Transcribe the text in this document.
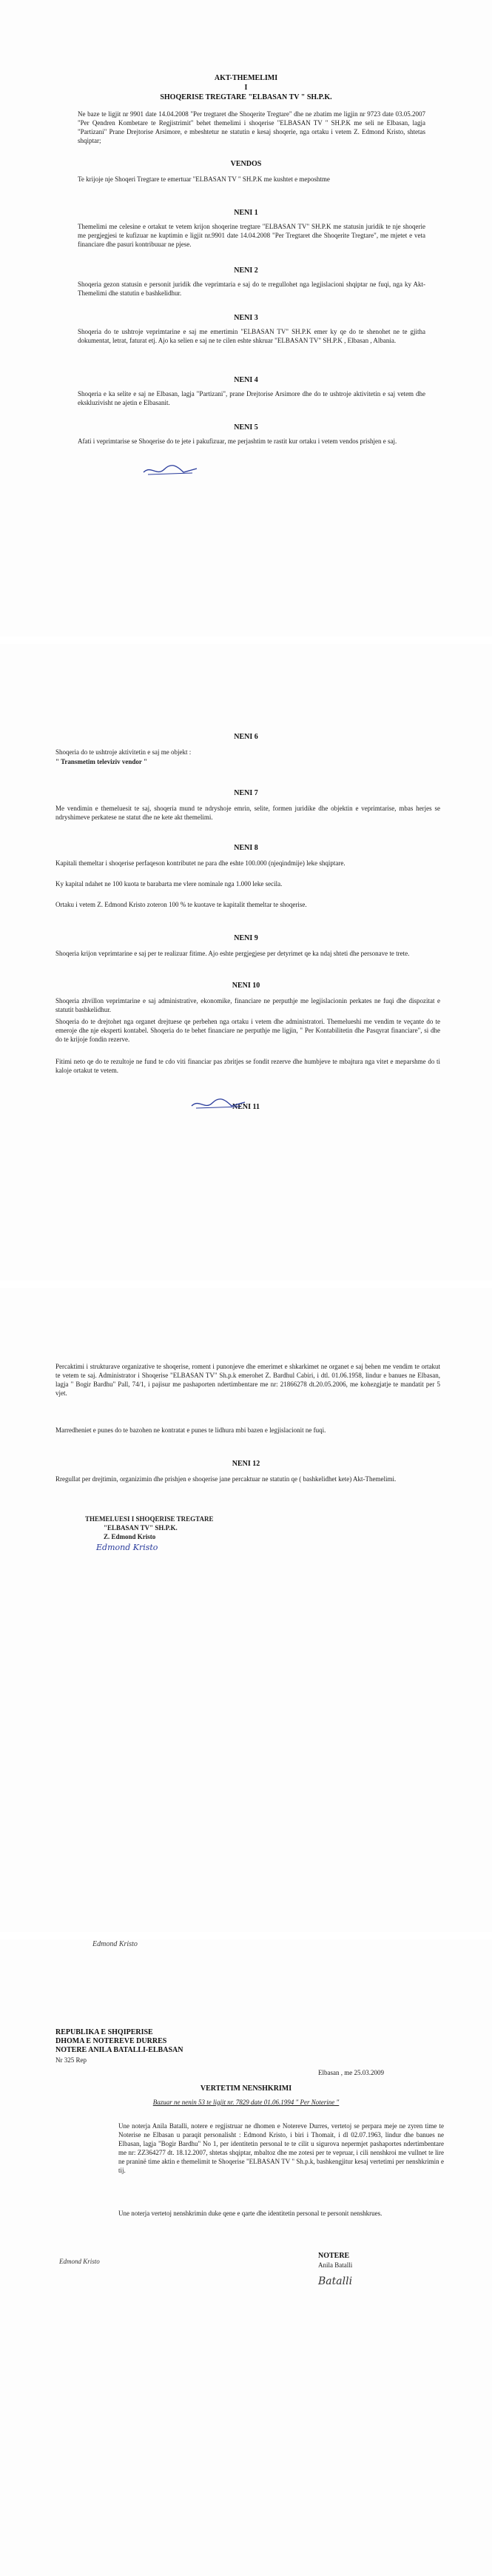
AKT-THEMELIMI
I
SHOQERISE TREGTARE "ELBASAN TV " SH.P.K.
Ne baze te ligjit nr 9901 date 14.04.2008 "Per tregtaret dhe Shoqerite Tregtare" dhe ne zbatim me ligjin nr 9723 date 03.05.2007 "Per Qendren Kombetare te Regjistrimit" behet themelimi i shoqerise "ELBASAN TV " SH.P.K me seli ne Elbasan, lagja "Partizani" Prane Drejtorise Arsimore, e mbeshtetur ne statutin e kesaj shoqerie, nga ortaku i vetem Z. Edmond Kristo, shtetas shqiptar;
VENDOS
Te krijoje nje Shoqeri Tregtare te emertuar "ELBASAN TV " SH.P.K me kushtet e meposhtme
NENI 1
Themelimi me celesine e ortakut te vetem krijon shoqerine tregtare "ELBASAN TV" SH.P.K me statusin juridik te nje shoqerie me pergjegjesi te kufizuar ne kuptimin e ligjit nr.9901 date 14.04.2008 "Per Tregtaret dhe Shoqerite Tregtare", me mjetet e veta financiare dhe pasuri kontribuuar ne pjese.
NENI 2
Shoqeria gezon statusin e personit juridik dhe veprimtaria e saj do te rregullohet nga legjislacioni shqiptar ne fuqi, nga ky Akt-Themelimi dhe statutin e bashkelidhur.
NENI 3
Shoqeria do te ushtroje veprimtarine e saj me emertimin "ELBASAN TV" SH.P.K emer ky qe do te shenohet ne te gjitha dokumentat, letrat, faturat etj. Ajo ka selien e saj ne te cilen eshte shkruar "ELBASAN TV" SH.P.K , Elbasan , Albania.
NENI 4
Shoqeria e ka selite e saj ne Elbasan, lagja "Partizani", prane Drejtorise Arsimore dhe do te ushtroje aktivitetin e saj vetem dhe ekskluzivisht ne ajetin e Elbasanit.
NENI 5
Afati i veprimtarise se Shoqerise do te jete i pakufizuar, me perjashtim te rastit kur ortaku i vetem vendos prishjen e saj.
NENI 6
Shoqeria do te ushtroje aktivitetin e saj me objekt :
" Transmetim televiziv vendor "
NENI 7
Me vendimin e themeluesit te saj, shoqeria mund te ndryshoje emrin, selite, formen juridike dhe objektin e veprimtarise, mbas herjes se ndryshimeve perkatese ne statut dhe ne kete akt themelimi.
NENI 8
Kapitali themeltar i shoqerise perfaqeson kontributet ne para dhe eshte 100.000 (njeqindmije) leke shqiptare.
Ky kapital ndahet ne 100 kuota te barabarta me vlere nominale nga 1.000 leke secila.
Ortaku i vetem Z. Edmond Kristo zoteron 100 % te kuotave te kapitalit themeltar te shoqerise.
NENI 9
Shoqeria krijon veprimtarine e saj per te realizuar fitime. Ajo eshte pergjegjese per detyrimet qe ka ndaj shteti dhe personave te trete.
NENI 10
Shoqeria zhvillon veprimtarine e saj administrative, ekonomike, financiare ne perputhje me legjislacionin perkates ne fuqi dhe dispozitat e statutit bashkelidhur.
Shoqeria do te drejtohet nga organet drejtuese qe perbehen nga ortaku i vetem dhe administratori. Themelueshi me vendim te veçante do te emeroje dhe nje eksperti kontabel. Shoqeria do te behet financiare ne perputhje me ligjin, " Per Kontabilitetin dhe Pasqyrat financiare", si dhe do te krijoje fondin rezerve.
Fitimi neto qe do te rezultoje ne fund te cdo viti financiar pas zbritjes se fondit rezerve dhe humbjeve te mbajtura nga vitet e meparshme do ti kaloje ortakut te vetem.
NENI 11
Percaktimi i strukturave organizative te shoqerise, roment i punonjeve dhe emerimet e shkarkimet ne organet e saj behen me vendim te ortakut te vetem te saj. Administrator i Shoqerise "ELBASAN TV" Sh.p.k emerohet Z. Bardhul Cabiri, i dtl. 01.06.1958, lindur e banues ne Elbasan, lagja " Bogir Bardhu" Pall, 74/1, i pajisur me pashaporten ndertimbentare me nr: 21866278 dt.20.05.2006, me kohezgjatje te mandatit per 5 vjet.
Marredheniet e punes do te bazohen ne kontratat e punes te lidhura mbi bazen e legjislacionit ne fuqi.
NENI 12
Rregullat per drejtimin, organizimin dhe prishjen e shoqerise jane percaktuar ne statutin qe ( bashkelidhet kete) Akt-Themelimi.
THEMELUESI I SHOQERISE TREGTARE
"ELBASAN TV" SH.P.K.
Z. Edmond Kristo
Edmond Kristo
Edmond Kristo
REPUBLIKA E SHQIPERISE
DHOMA E NOTEREVE DURRES
NOTERE ANILA BATALLI-ELBASAN
Nr 325 Rep
Elbasan , me 25.03.2009
VERTETIM NENSHKRIMI
Bazuar ne nenin 53 te ligjit nr. 7829 date 01.06.1994 " Per Noterine "
Une noterja Anila Batalli, notere e regjistruar ne dhomen e Notereve Durres, vertetoj se perpara meje ne zyren time te Noterise ne Elbasan u paraqit personalisht : Edmond Kristo, i biri i Thomait, i dl 02.07.1963, lindur dhe banues ne Elbasan, lagja "Bogir Bardhu" No 1, per identitetin personal te te cilit u sigurova nepermjet pashaportes ndertimbentare me nr: ZZ364277 dt. 18.12.2007, shtetas shqiptar, mbaltoz dhe me zotesi per te vepruar, i cili nenshkroi me vullnet te lire ne praninë time aktin e themelimit te Shoqerise "ELBASAN TV " Sh.p.k, bashkengjitur kesaj vertetimi per nenshkrimin e tij.
Une noterja vertetoj nenshkrimin duke qene e qarte dhe identitetin personal te personit nenshkrues.
NOTERE
Anila Batalli
Edmond Kristo
Batalli
